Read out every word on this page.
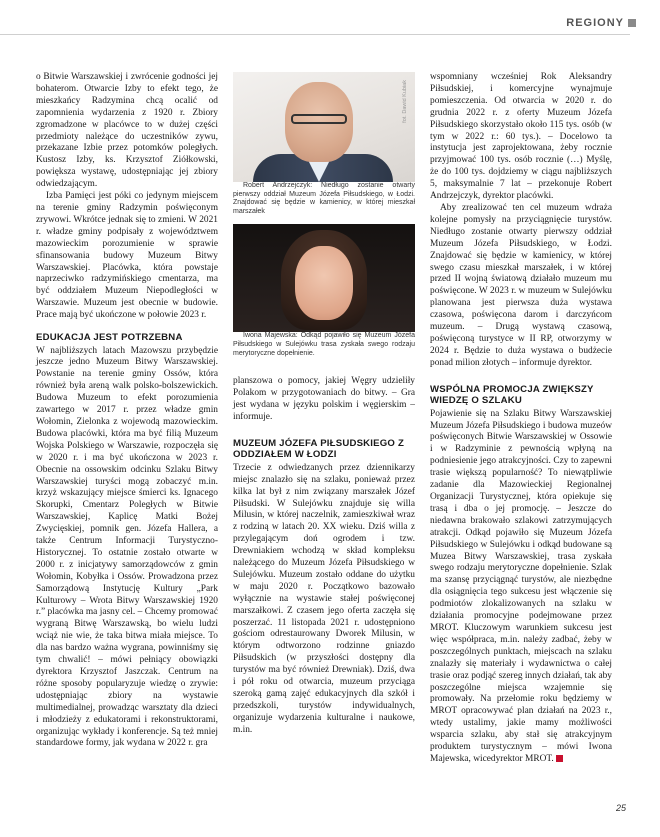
REGIONY

o Bitwie Warszawskiej i zwrócenie godności jej bohaterom. Otwarcie Izby to efekt tego, że mieszkańcy Radzymina chcą ocalić od zapomnienia wydarzenia z 1920 r. Zbiory zgromadzone w placówce to w dużej części przedmioty należące do uczestników zywu, przekazane Izbie przez potomków poległych. Kustosz Izby, ks. Krzysztof Ziółkowski, powiększa wystawę, udostępniając jej zbiory odwiedzającym.

Izba Pamięci jest póki co jedynym miejscem na terenie gminy Radzymin poświęconym zrywowi. Wkrótce jednak się to zmieni. W 2021 r. władze gminy podpisały z województwem mazowieckim porozumienie w sprawie sfinansowania budowy Muzeum Bitwy Warszawskiej. Placówka, która powstaje naprzeciwko radzymińskiego cmentarza, ma być oddziałem Muzeum Niepodległości w Warszawie. Muzeum jest obecnie w budowie. Prace mają być ukończone w połowie 2023 r.

EDUKACJA JEST POTRZEBNA

W najbliższych latach Mazowszu przybędzie jeszcze jedno Muzeum Bitwy Warszawskiej. Powstanie na terenie gminy Ossów, która również była areną walk polsko-bolszewickich. Budowa Muzeum to efekt porozumienia zawartego w 2017 r. przez władze gmin Wołomin, Zielonka z wojewodą mazowieckim. Budowa placówki, która ma być filią Muzeum Wojska Polskiego w Warszawie, rozpoczęła się w 2020 r. i ma być ukończona w 2023 r. Obecnie na ossowskim odcinku Szlaku Bitwy Warszawskiej turyści mogą zobaczyć m.in. krzyż wskazujący miejsce śmierci ks. Ignacego Skorupki, Cmentarz Poległych w Bitwie Warszawskiej, Kaplicę Matki Bożej Zwycięskiej, pomnik gen. Józefa Hallera, a także Centrum Informacji Turystyczno-Historycznej. To ostatnie zostało otwarte w 2000 r. z inicjatywy samorządowców z gmin Wołomin, Kobyłka i Ossów. Prowadzona przez Samorządową Instytucję Kultury „Park Kulturowy – Wrota Bitwy Warszawskiej 1920 r.” placówka ma jasny cel. – Chcemy promować wygraną Bitwę Warszawską, bo wielu ludzi wciąż nie wie, że taka bitwa miała miejsce. To dla nas bardzo ważna wygrana, powinniśmy się tym chwalić! – mówi pełniący obowiązki dyrektora Krzysztof Jaszczak. Centrum na różne sposoby popularyzuje wiedzę o zrywie: udostępniając zbiory na wystawie multimedialnej, prowadząc warsztaty dla dzieci i młodzieży z edukatorami i rekonstruktorami, organizując wykłady i konferencje. Są też mniej standardowe formy, jak wydana w 2022 r. gra

fot. Dawid Kubiak

Robert Andrzejczyk: Niedługo zostanie otwarty pierwszy oddział Muzeum Józefa Piłsudskiego, w Łodzi. Znajdować się będzie w kamienicy, w której mieszkał marszałek

Iwona Majewska: Odkąd pojawiło się Muzeum Józefa Piłsudskiego w Sulejówku trasa zyskała swego rodzaju merytoryczne dopełnienie.

planszowa o pomocy, jakiej Węgry udzieliły Polakom w przygotowaniach do bitwy. – Gra jest wydana w języku polskim i węgierskim – informuje.

MUZEUM JÓZEFA PIŁSUDSKIEGO Z ODDZIAŁEM W ŁODZI

Trzecie z odwiedzanych przez dziennikarzy miejsc znalazło się na szlaku, ponieważ przez kilka lat był z nim związany marszałek Józef Piłsudski. W Sulejówku znajduje się willa Milusin, w której naczelnik, zamieszkiwał wraz z rodziną w latach 20. XX wieku. Dziś willa z przylegającym doń ogrodem i tzw. Drewniakiem wchodzą w skład kompleksu należącego do Muzeum Józefa Piłsudskiego w Sulejówku. Muzeum zostało oddane do użytku w maju 2020 r. Początkowo bazowało wyłącznie na wystawie stałej poświęconej marszałkowi. Z czasem jego oferta zaczęła się poszerzać. 11 listopada 2021 r. udostępniono gościom odrestaurowany Dworek Milusin, w którym odtworzono rodzinne gniazdo Piłsudskich (w przyszłości dostępny dla turystów ma być również Drewniak). Dziś, dwa i pół roku od otwarcia, muzeum przyciąga szeroką gamą zajęć edukacyjnych dla szkół i przedszkoli, turystów indywidualnych, organizuje wydarzenia kulturalne i naukowe, m.in.

wspomniany wcześniej Rok Aleksandry Piłsudskiej, i komercyjne wynajmuje pomieszczenia. Od otwarcia w 2020 r. do grudnia 2022 r. z oferty Muzeum Józefa Piłsudskiego skorzystało około 115 tys. osób (w tym w 2022 r.: 60 tys.). – Docelowo ta instytucja jest zaprojektowana, żeby rocznie przyjmować 100 tys. osób rocznie (…) Myślę, że do 100 tys. dojdziemy w ciągu najbliższych 5, maksymalnie 7 lat – przekonuje Robert Andrzejczyk, dyrektor placówki.

Aby zrealizować ten cel muzeum wdraża kolejne pomysły na przyciągnięcie turystów. Niedługo zostanie otwarty pierwszy oddział Muzeum Józefa Piłsudskiego, w Łodzi. Znajdować się będzie w kamienicy, w której swego czasu mieszkał marszałek, i w której przed II wojną światową działało muzeum mu poświęcone. W 2023 r. w muzeum w Sulejówku planowana jest pierwsza duża wystawa czasowa, poświęcona darom i darczyńcom muzeum. – Drugą wystawą czasową, poświęconą turystyce w II RP, otworzymy w 2024 r. Będzie to duża wystawa o budżecie ponad milion złotych – informuje dyrektor.

WSPÓLNA PROMOCJA ZWIĘKSZY WIEDZĘ O SZLAKU

Pojawienie się na Szlaku Bitwy Warszawskiej Muzeum Józefa Piłsudskiego i budowa muzeów poświęconych Bitwie Warszawskiej w Ossowie i w Radzyminie z pewnością wpłyną na podniesienie jego atrakcyjności. Czy to zapewni trasie większą popularność? To niewątpliwie zadanie dla Mazowieckiej Regionalnej Organizacji Turystycznej, która opiekuje się trasą i dba o jej promocję. – Jeszcze do niedawna brakowało szlakowi zatrzymujących atrakcji. Odkąd pojawiło się Muzeum Józefa Piłsudskiego w Sulejówku i odkąd budowane są Muzea Bitwy Warszawskiej, trasa zyskała swego rodzaju merytoryczne dopełnienie. Szlak ma szansę przyciągnąć turystów, ale niezbędne dla osiągnięcia tego sukcesu jest włączenie się podmiotów zlokalizowanych na szlaku w działania promocyjne podejmowane przez MROT. Kluczowym warunkiem sukcesu jest więc współpraca, m.in. należy zadbać, żeby w poszczególnych punktach, miejscach na szlaku znalazły się materiały i wydawnictwa o całej trasie oraz podjąć szereg innych działań, tak aby poszczególne miejsca wzajemnie się promowały. Na przełomie roku będziemy w MROT opracowywać plan działań na 2023 r., wtedy ustalimy, jakie mamy możliwości wsparcia szlaku, aby stał się atrakcyjnym produktem turystycznym – mówi Iwona Majewska, wicedyrektor MROT.

25
